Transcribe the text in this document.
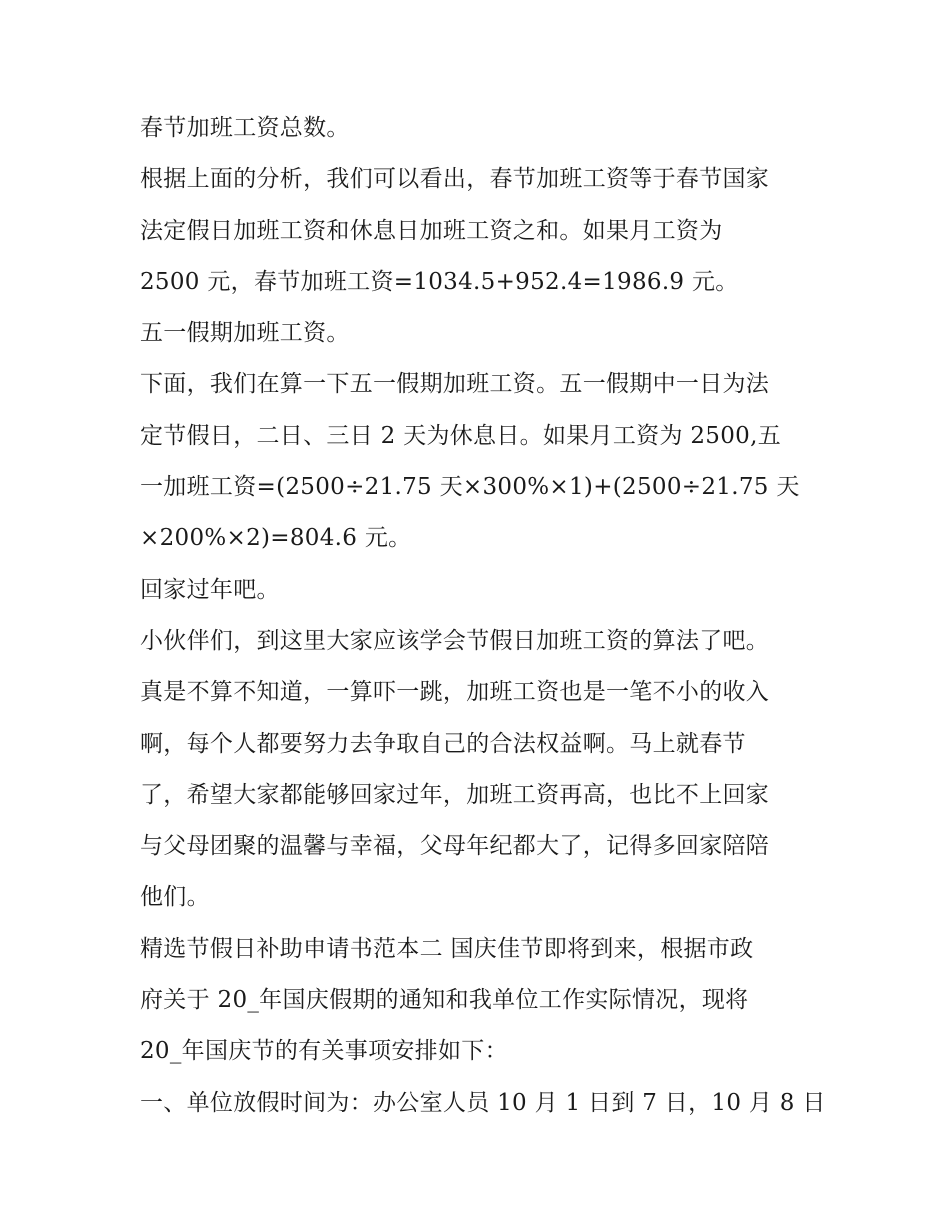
春节加班工资总数。
根据上面的分析，我们可以看出，春节加班工资等于春节国家
法定假日加班工资和休息日加班工资之和。如果月工资为
2500 元，春节加班工资=1034.5+952.4=1986.9 元。
五一假期加班工资。
下面，我们在算一下五一假期加班工资。五一假期中一日为法
定节假日，二日、三日 2 天为休息日。如果月工资为 2500,五
一加班工资=(2500÷21.75 天×300%×1)+(2500÷21.75 天
×200%×2)=804.6 元。
回家过年吧。
小伙伴们，到这里大家应该学会节假日加班工资的算法了吧。
真是不算不知道，一算吓一跳，加班工资也是一笔不小的收入
啊，每个人都要努力去争取自己的合法权益啊。马上就春节
了，希望大家都能够回家过年，加班工资再高，也比不上回家
与父母团聚的温馨与幸福，父母年纪都大了，记得多回家陪陪
他们。
精选节假日补助申请书范本二 国庆佳节即将到来，根据市政
府关于 20_年国庆假期的通知和我单位工作实际情况，现将
20_年国庆节的有关事项安排如下：
一、单位放假时间为：办公室人员 10 月 1 日到 7 日，10 月 8 日
